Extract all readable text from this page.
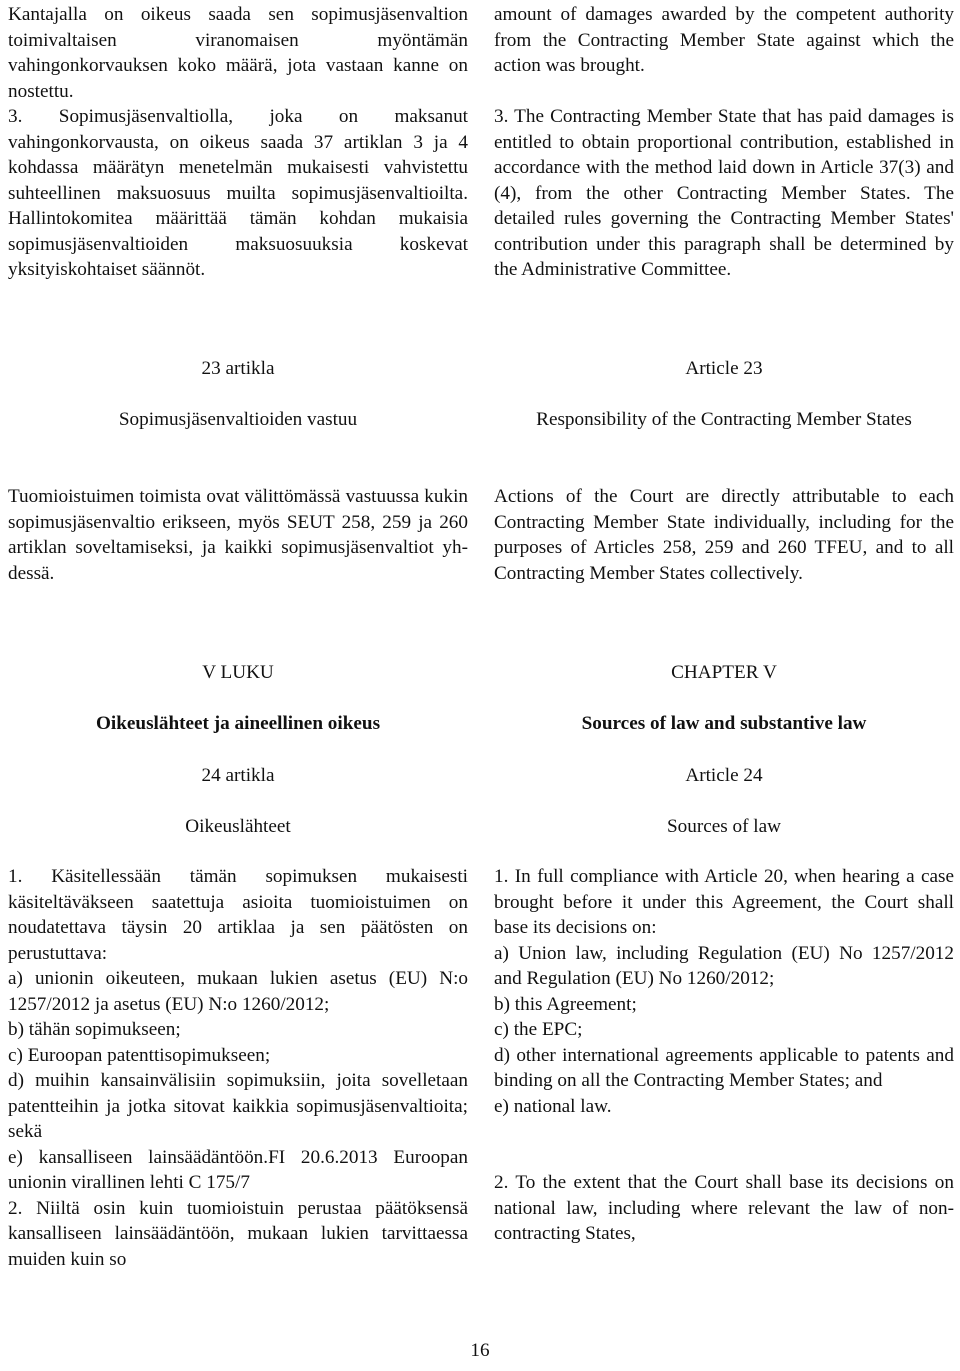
Kantajalla on oikeus saada sen sopimusjäsenvaltion toimivaltaisen viranomaisen myöntämän vahingonkorvauksen koko määrä, jota vastaan kanne on nostettu.

3. Sopimusjäsenvaltiolla, joka on maksanut vahingonkorvausta, on oikeus saada 37 artiklan 3 ja 4 kohdassa määrätyn menetelmän mukaisesti vahvistettu suhteellinen maksuosuus muilta sopimusjäsenvaltioilta. Hallintokomitea määrittää tämän kohdan mukaisia sopimusjäsenvaltioiden maksuosuuksia koskevat yksityiskohtaiset säännöt.

23 artikla

Sopimusjäsenvaltioiden vastuu

Tuomioistuimen toimista ovat välittömässä vastuussa kukin sopimusjäsenvaltio erikseen, myös SEUT 258, 259 ja 260 artiklan soveltamiseksi, ja kaikki sopimusjäsenvaltiot yhdessä.

V LUKU

Oikeuslähteet ja aineellinen oikeus

24 artikla

Oikeuslähteet

1. Käsitellessään tämän sopimuksen mukaisesti käsiteltäväkseen saatettuja asioita tuomioistuimen on noudatettava täysin 20 artiklaa ja sen päätösten on perustuttava:

a) unionin oikeuteen, mukaan lukien asetus (EU) N:o 1257/2012 ja asetus (EU) N:o 1260/2012;

b) tähän sopimukseen;

c) Euroopan patenttisopimukseen;

d) muihin kansainvälisiin sopimuksiin, joita sovelletaan patentteihin ja jotka sitovat kaikkia sopimusjäsenvaltioita; sekä

e) kansalliseen lainsäädäntöön.FI 20.6.2013 Euroopan unionin virallinen lehti C 175/7

2. Niiltä osin kuin tuomioistuin perustaa päätöksensä kansalliseen lainsäädäntöön, mukaan lukien tarvittaessa muiden kuin so

amount of damages awarded by the competent authority from the Contracting Member State against which the action was brought.

3. The Contracting Member State that has paid damages is entitled to obtain proportional contribution, established in accordance with the method laid down in Article 37(3) and (4), from the other Contracting Member States. The detailed rules governing the Contracting Member States' contribution under this paragraph shall be determined by the Administrative Committee.

Article 23

Responsibility of the Contracting Member States

Actions of the Court are directly attributable to each Contracting Member State individually, including for the purposes of Articles 258, 259 and 260 TFEU, and to all Contracting Member States collectively.

CHAPTER V

Sources of law and substantive law

Article 24

Sources of law

1. In full compliance with Article 20, when hearing a case brought before it under this Agreement, the Court shall base its decisions on:

a) Union law, including Regulation (EU) No 1257/2012 and Regulation (EU) No 1260/2012;

b) this Agreement;

c) the EPC;

d) other international agreements applicable to patents and binding on all the Contracting Member States; and

e) national law.

2. To the extent that the Court shall base its decisions on national law, including where relevant the law of non-contracting States,

16
